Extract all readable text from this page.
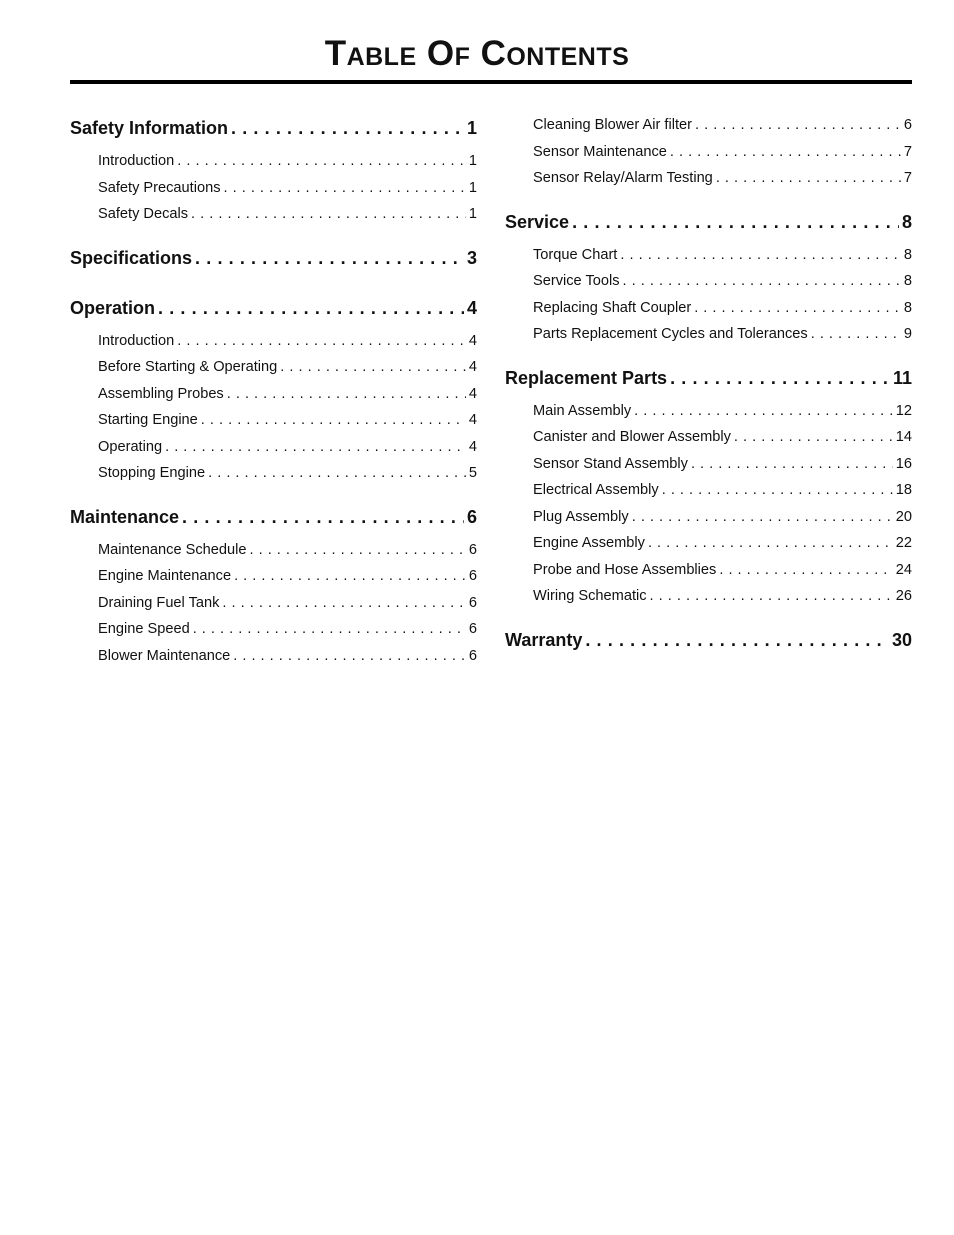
Table Of Contents
Safety Information . . .	1
Introduction . . .	1
Safety Precautions . . .	1
Safety Decals . . .	1
Specifications . . .	3
Operation . . .	4
Introduction . . .	4
Before Starting & Operating . . .	4
Assembling Probes . . .	4
Starting Engine . . .	4
Operating . . .	4
Stopping Engine . . .	5
Maintenance . . .	6
Maintenance Schedule . . .	6
Engine Maintenance . . .	6
Draining Fuel Tank . . .	6
Engine Speed . . .	6
Blower Maintenance . . .	6
Cleaning Blower Air filter . . .	6
Sensor Maintenance . . .	7
Sensor Relay/Alarm Testing . . .	7
Service . . .	8
Torque Chart . . .	8
Service Tools . . .	8
Replacing Shaft Coupler . . .	8
Parts Replacement Cycles and Tolerances . . .	9
Replacement Parts . . .	11
Main Assembly . . .	12
Canister and Blower Assembly . . .	14
Sensor Stand Assembly . . .	16
Electrical Assembly . . .	18
Plug Assembly . . .	20
Engine Assembly . . .	22
Probe and Hose Assemblies . . .	24
Wiring Schematic . . .	26
Warranty . . .	30
